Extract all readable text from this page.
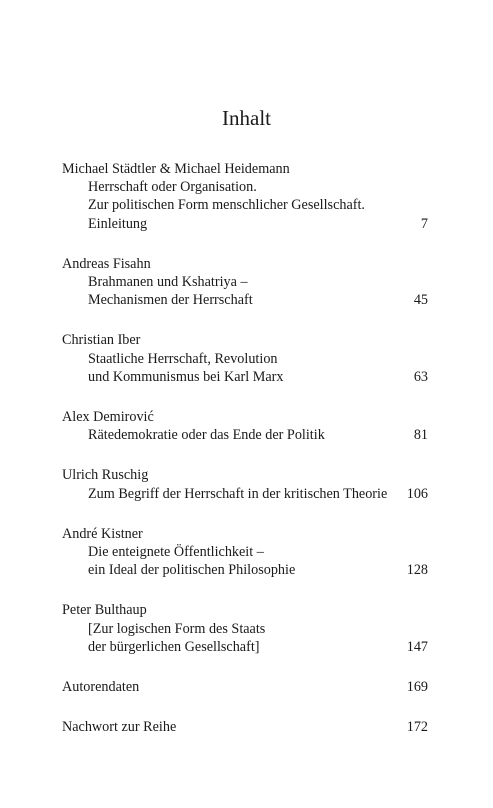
Inhalt
Michael Städtler & Michael Heidemann
Herrschaft oder Organisation.
Zur politischen Form menschlicher Gesellschaft.
Einleitung	7
Andreas Fisahn
Brahmanen und Kshatriya –
Mechanismen der Herrschaft	45
Christian Iber
Staatliche Herrschaft, Revolution
und Kommunismus bei Karl Marx	63
Alex Demirović
Rätedemokratie oder das Ende der Politik	81
Ulrich Ruschig
Zum Begriff der Herrschaft in der kritischen Theorie	106
André Kistner
Die enteignete Öffentlichkeit –
ein Ideal der politischen Philosophie	128
Peter Bulthaup
[Zur logischen Form des Staats
der bürgerlichen Gesellschaft]	147
Autorendaten	169
Nachwort zur Reihe	172
